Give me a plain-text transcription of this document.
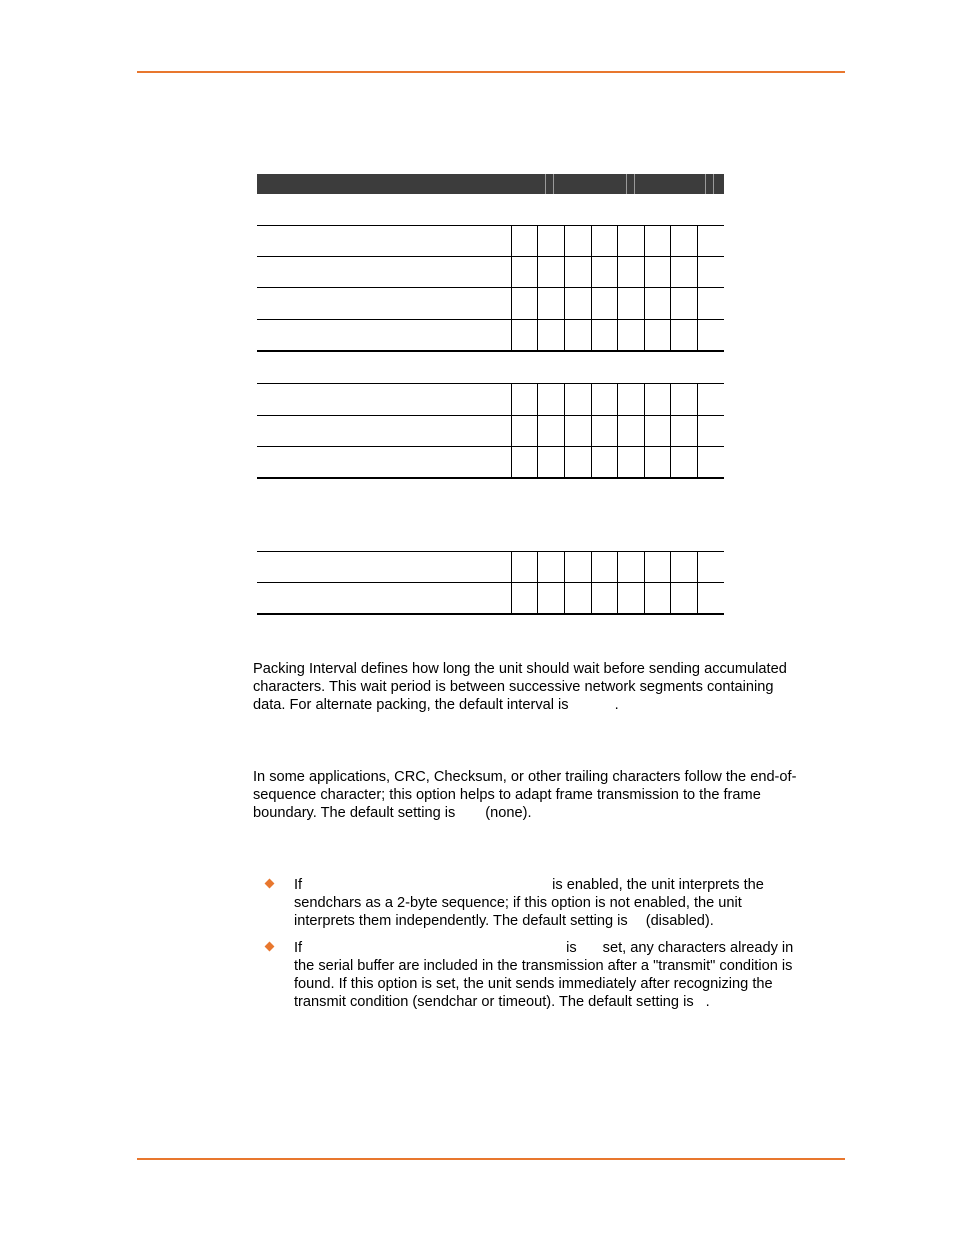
Packing Interval defines how long the unit should wait before sending accumulated
characters. This wait period is between successive network segments containing
data. For alternate packing, the default interval is	.
In some applications, CRC, Checksum, or other trailing characters follow the end-of-
sequence character; this option helps to adapt frame transmission to the frame
boundary. The default setting is (none).
If	is enabled, the unit interprets the
sendchars as a 2-byte sequence; if this option is not enabled, the unit
interprets them independently. The default setting is (disabled).
If	is set, any characters already in
the serial buffer are included in the transmission after a "transmit" condition is
found. If this option is set, the unit sends immediately after recognizing the
transmit condition (sendchar or timeout). The default setting is .
